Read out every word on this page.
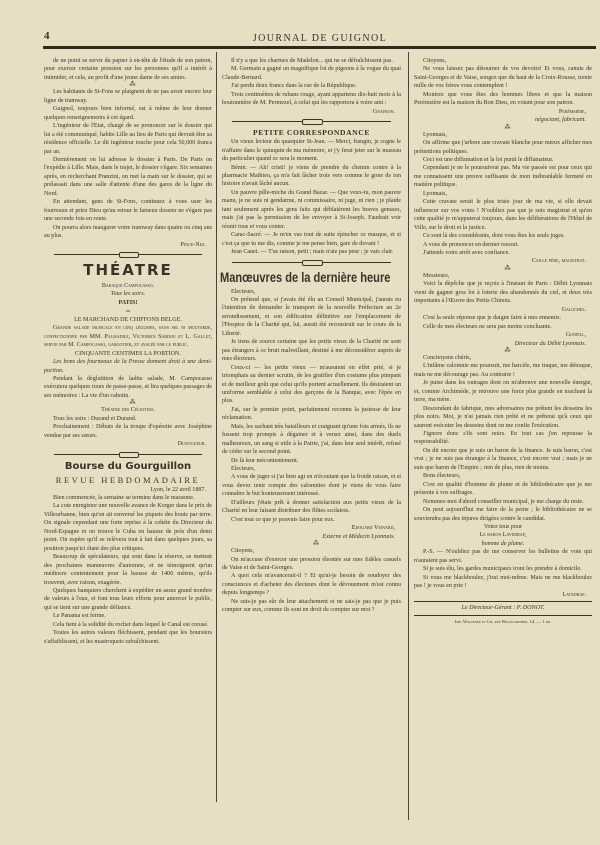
4	JOURNAL DE GUIGNOL

de ne point se servir du papier à en-tête de l'étude de son patron, pour exercer certaine pression sur les personnes qu'il a intérêt à intimider, et cela, au profit d'une jeune dame de ses amies.

⁂

Les habitants de St-Fons se plaignent de ne pas avoir encore leur ligne de tramway.

Guignol, toujours bien informé, est à même de leur donner quelques renseignements à cet égard.

L'ingénieur de l'Etat, chargé de se prononcer sur le dossier qui lui a été communiqué, habite Lille au lieu de Paris qui devrait être sa résidence officielle. Le dit ingénieur touche pour cela 50,000 francs par an.

Dernièrement on lui adresse le dossier à Paris. De Paris on l'expédie à Lille. Mais, dans le trajet, le dossier s'égare. Six semaines après, en recherchant Pranzini, on met la main sur le dossier, qui se prélassait dans une salle d'attente d'une des gares de la ligne du Nord.

En attendant, gens de St-Fons, continuez à vous user les fourreaux et priez Dieu qu'au retour le fameux dossier ne s'égare pas une seconde fois en route.

On pourra alors inaugurer votre tramway dans quatre ou cinq ans au plus.

Pince-Nez.

THÉATRE

Baraque Campocasso.

Tous les soirs.

PATIS!

ou

LE MARCHAND DE CHIFFONS BELGE.

Grande salade musicale en cinq légumes, sans sel ni moutarde, confectionnée par MM. Palmadile, Victorien Sardou et L. Gallet, servie par M. Campocasso, gargotier, et avalée par le public.

CINQUANTE CENTIMES LA PORTION.

Les bons des fourneaux de la Presse donnent droit à une demi-portion.

Pendant la déglutition de ladite salade, M. Campocasso exécutera quelques tours de passe-passe, et lira quelques passages de ses mémoires : La vie d'un cabotin.

⁂

Théatre des Célestins.

Tous les soirs : Durand et Durand.

Prochainement : Débuts de la troupe d'opérette avec Joséphine vendue par ses sœurs.

Dunogueur.

Bourse du Gourguillon
REVUE HEBDOMADAIRE

Lyon, le 22 avril 1887.

Bien commencée, la semaine se termine dans le marasme.

La cote enregistre une nouvelle avance de Korger dans le prix de Villeurbanne, bien qu'on ait renversé les piquets des bouts par terre. On signale cependant une forte reprise à la cohéte du Directeur du Nord-Espagne et on trouve le Cuba en hausse de près d'un demi point. On espère qu'il se relèvera tout à fait dans quelques jours, sa position jusqu'ici étant des plus critiques.

Beaucoup de spéculateurs, qui sont dans la réserve, se mettent des prochaines manœuvres d'automne, et ne témoignent qu'un médiocre contentement pour la hausse de 1400 mètres, qu'ils trouvent, avec raison, exagérée.

Quelques banquiers cherchent à expédier un assez grand nombre de valeurs à l'eau, et font tous leurs efforts pour amorcer le public, qui se tient sur une grande défiance.

Le Panama est ferme.

Cela tient à la solidité du rocher dans lequel le Canal est creusé.

Toutes les autres valeurs fléchissent, pendant que les boursiers s'affaiblissent, et les mastroquets rafraîchissent.

Il n'y a que les charmes de Madelon... qui ne se défraîchissent pas.

M. Germain a gagné un magnifique lot de pigeons à la vogue du quai Claude-Bernard.

J'ai perdu deux francs dans la rue de la République.

Trois centimètres de rubans rouge, ayant appartenu dix-huit mois à la boutonnière de M. Permezel, à celui qui les rapportera à votre ami :

Gnafron.

PETITE CORRESPONDANCE

Un vieux lecteur du quarquier St-Jean. — Merci, frangin, je cogne le n'affaire dans le quinquin de ma mémoire, et j'y ferai jeter sur le museau du particulier quand ce sera le moment.

Bénin. — Ah! cristi! je viens de prendre du chemin contre à la pharmacie Mathieu, ça m'a fait lâcher trois vers comme le gone de ton histoire n'avait lâché aucun.

Un pauvre pille-miche du Grand Bazar. — Que veux-tu, mon pauvre manu, je ne suis ni gendarme, ni commissaire, ni juge, ni rien ; je plaide tant seulement après les gens faits qui déblatèrent les braves gensses, mais j'ai pas la permission de les envoyer à St-Joseph. Faudrait voir réunir tous et vous conter.

Carac-Sacré. — Je m'en vas tout de suite épincher ce masque, et si c'est ça que tu me dis, comme je me pense bien, gare de devant !

Jean Canet. — T'as raison, petit ; mais n'aie pas peur ; je vais clair.

Manœuvres de la dernière heure

Electeurs,

On prétend que, si j'avais été élu au Conseil Municipal, j'aurais eu l'intention de demander le transport de la nouvelle Préfecture au 2e arrondissement, et son édification définitive sur l'emplacement de l'Hospice de la Charité qui, lui, aurait été reconstruit sur le cours de la Liberté.

Je tiens de source certaine que les petits vieux de la Charité ne sont pas étrangers à ce bruit malveillant, destiné à me déconsidérer auprès de mes électeurs.

Ceux-ci — les petits vieux — m'auraient en effet prié, si je triomphais au dernier scrutin, de les gratifier d'un costume plus pimpant et de meilleur goût que celui qu'ils portent actuellement. Ils désiraient un uniforme semblable à celui des garçons de la Banque, avec l'épée en plus.

J'ai, sur le premier point, parfaitement reconnu la justesse de leur réclamation.

Mais, les sachant très batailleurs et craignant qu'une fois armés, ils ne fussent trop prompts à dégainer et à verser ainsi, dans des duels malheureux, un sang si utile à la Patrie, j'ai, dans leur seul intérêt, refusé de céder sur le second point.

De là leur mécontentement.

Electeurs,

A vous de juger si j'ai bien agi en n'écoutant que la froide raison, et si vous devez tenir compte des calomnies dont je viens de vous faire connaître le but honteusement intéressé.

D'ailleurs j'étais prêt à donner satisfaction aux petits vieux de la Charité en leur faisant distribuer des flûtes scolaires.

C'est tout ce que je pouvais faire pour eux.

Edouard Veinard,

Externe et Médecin Lyonnais.

⁂

Citoyens,

On m'accuse d'exercer une pression éhontée sur mes fidèles casuels de Vaise et de Saint-Georges.

A quoi cela m'avancerait-il ? Et qu'ai-je besoin de soudoyer des consciences et d'acheter des électeurs dont le dévouement m'est connu depuis longtemps ?

Ne suis-je pas sûr de leur attachement et ne sais-je pas que je puis compter sur eux, comme ils sont en droit de compter sur moi ?

Citoyens,

Ne vous laissez pas détourner de vos devoirs! Et vous, canuts de Saint-Georges et de Vaise, songez que du haut de la Croix-Rousse, trente mille de vos frères vous contemplent !

Montrez que vous êtes des hommes libres et que la maison Perémsière est la maison du Bon Dieu, en votant pour son patron.

Perémsière,

négociant, fabricant.

⁂

Lyonnais,

On affirme que j'arbore une cravate blanche pour mieux afficher mes prétentions politiques.

Ceci est une diffamation et la loi punit le diffamateur.

Cependant je ne le poursuivrai pas. Ma vie passée est pour ceux qui me connaissent une preuve suffisante de mon inébranlable fermeté en matière politique.

Lyonnais,

Cette cravate serait le plus triste jour de ma vie, si elle devait influencer sur vos votes ! N'oubliez pas que je suis magistrat et qu'en cette qualité je m'appuierai toujours, dans les délibérations de l'Hôtel de Ville, sur le droit et la justice.

Ce sont là des considérants, dont vous êtes les seuls juges.

A vous de prononcer en dernier ressort.

J'attends votre arrêt avec confiance.

Caille père, magistrat.

⁂

Messieurs,

Voici la dépêche que je reçois à l'instant de Paris : Débit Lyonnais vient de gagner gros lot à loterie des abandonnés du ciel, et deux très importants à l'Œuvre des Petits Chinois.

Galoches.

C'est la seule réponse que je daigne faire à mes ennemis.

Celle de mes électeurs ne sera pas moins concluante.

Gonpill,

Directeur du Débit Lyonnais.

⁂

Concitoyens chéris,

L'infâme calomnie me poursuit, me harcèle, me traque, me détraque, mais ne me décourage pas. Au contraire !

Je puise dans les outrages dont on m'abreuve une nouvelle énergie, et, comme Archimède, je retrouve une force plus grande en touchant la terre, ma mère.

Descendant de fabrique, mes adversaires me prêtent les desseins les plus noirs. Moi, je n'ai jamais rien prêté et ne prêterai qu'à ceux qui sauront exécuter les desseins dont on me confie l'exécution.

J'ignore donc s'ils sont noirs. En tout cas j'en repousse la responsabilité.

On dit encore que je suis un baron de la finance. Je suis baron, c'est vrai ; je ne suis pas étranger à la finance, c'est encore vrai ; mais je ne suis que baron de l'Empire ; rien de plus, rien de moins.

Bons électeurs,

C'est en qualité d'homme de plume et de bibliothécaire que je me présente à vos suffrages.

Nommez-moi d'abord conseiller municipal, je me charge du reste.

On peut aujourd'hui me faire de la peine ; le bibliothécaire ne se souviendra pas des injures dirigées contre le candidat.

Votez tous pour

Le baron Lavedrap,

homme de plume.

P.-S. — N'oubliez pas de me conserver les bulletins de vote qui n'auraient pas servi.

Si je suis élu, les gardes municipaux iront les prendre à domicile.

Si vous me blackboulez, j'irai moi-même. Mais ne me blackboulez pas ! je vous en prie !

Lavedrap.

Le Directeur-Gérant : P. DONOT.

Imp. Waltener et Cie, rue Bellecordière, 14. — 1 pm.
